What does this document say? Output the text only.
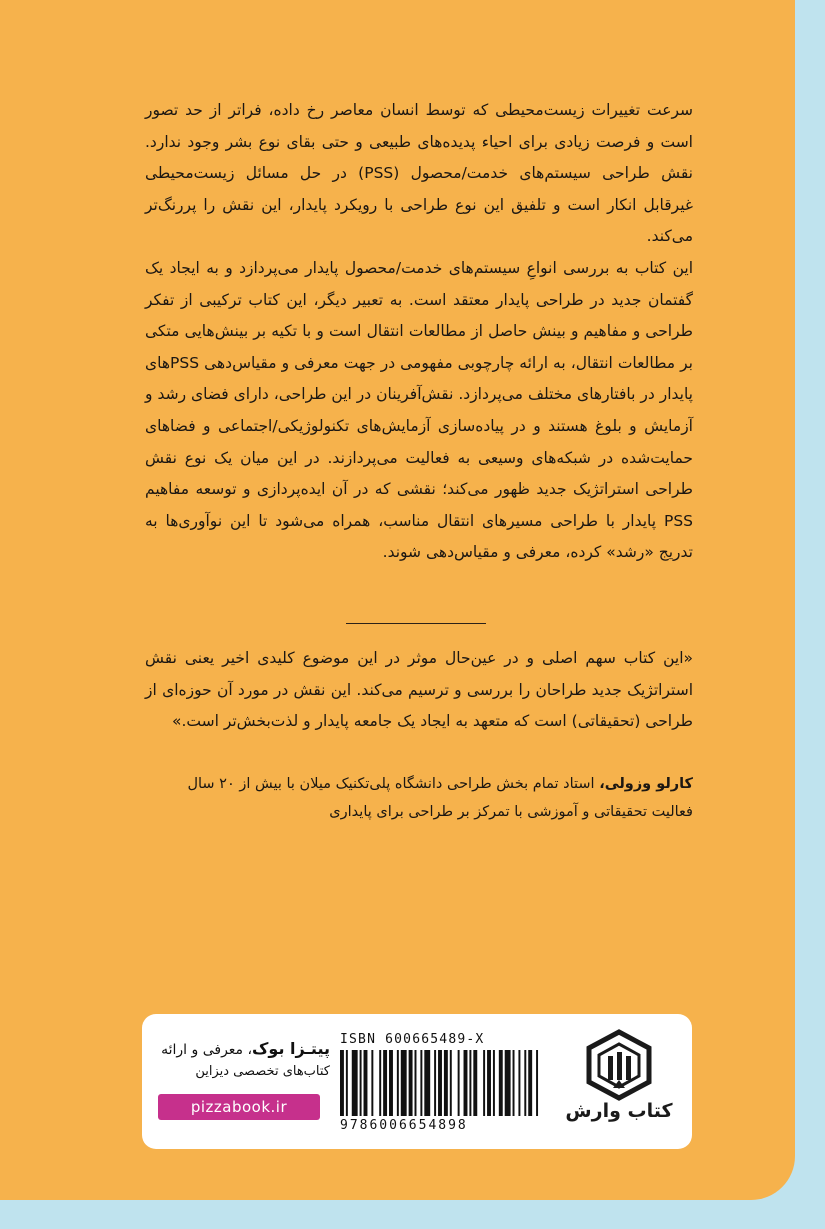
سرعت تغییرات زیست‌محیطی که توسط انسان معاصر رخ داده، فراتر از حد تصور است و فرصت زیادی برای احیاء پدیده‌های طبیعی و حتی بقای نوع بشر وجود ندارد. نقش طراحی سیستم‌های خدمت/محصول (PSS) در حل مسائل زیست‌محیطی غیرقابل انکار است و تلفیق این نوع طراحی با رویکرد پایدار، این نقش را پررنگ‌تر می‌کند.

این کتاب به بررسی انواعِ سیستم‌های خدمت/محصول پایدار می‌پردازد و به ایجاد یک گفتمان جدید در طراحی پایدار معتقد است. به تعبیر دیگر، این کتاب ترکیبی از تفکر طراحی و مفاهیم و بینش حاصل از مطالعات انتقال است و با تکیه بر بینش‌هایی متکی بر مطالعات انتقال، به ارائه چارچوبی مفهومی در جهت معرفی و مقیاس‌دهی PSSهای پایدار در بافتارهای مختلف می‌پردازد. نقش‌آفرینان در این طراحی، دارای فضای رشد و آزمایش و بلوغ هستند و در پیاده‌سازی آزمایش‌های تکنولوژیکی/اجتماعی و فضاهای حمایت‌شده در شبکه‌های وسیعی به فعالیت می‌پردازند. در این میان یک نوع نقش طراحی استراتژیک جدید ظهور می‌کند؛ نقشی که در آن ایده‌پردازی و توسعه مفاهیم PSS پایدار با طراحی مسیرهای انتقال مناسب، همراه می‌شود تا این نوآوری‌ها به تدریج «رشد» کرده، معرفی و مقیاس‌دهی شوند.

«این کتاب سهم اصلی و در عین‌حال موثر در این موضوع کلیدی اخیر یعنی نقش استراتژیک جدید طراحان را بررسی و ترسیم می‌کند. این نقش در مورد آن حوزه‌ای از طراحی (تحقیقاتی) است که متعهد به ایجاد یک جامعه پایدار و لذت‌بخش‌تر است.»

کارلو وزولی، استاد تمام بخش طراحی دانشگاه پلی‌تکنیک میلان با بیش از ۲۰ سال فعالیت تحقیقاتی و آموزشی با تمرکز بر طراحی برای پایداری

کتاب وارش
ISBN 600665489-X
9786006654898

پیتـزا بوک، معرفی و ارائه

کتاب‌های تخصصی دیزاین

pizzabook.ir
